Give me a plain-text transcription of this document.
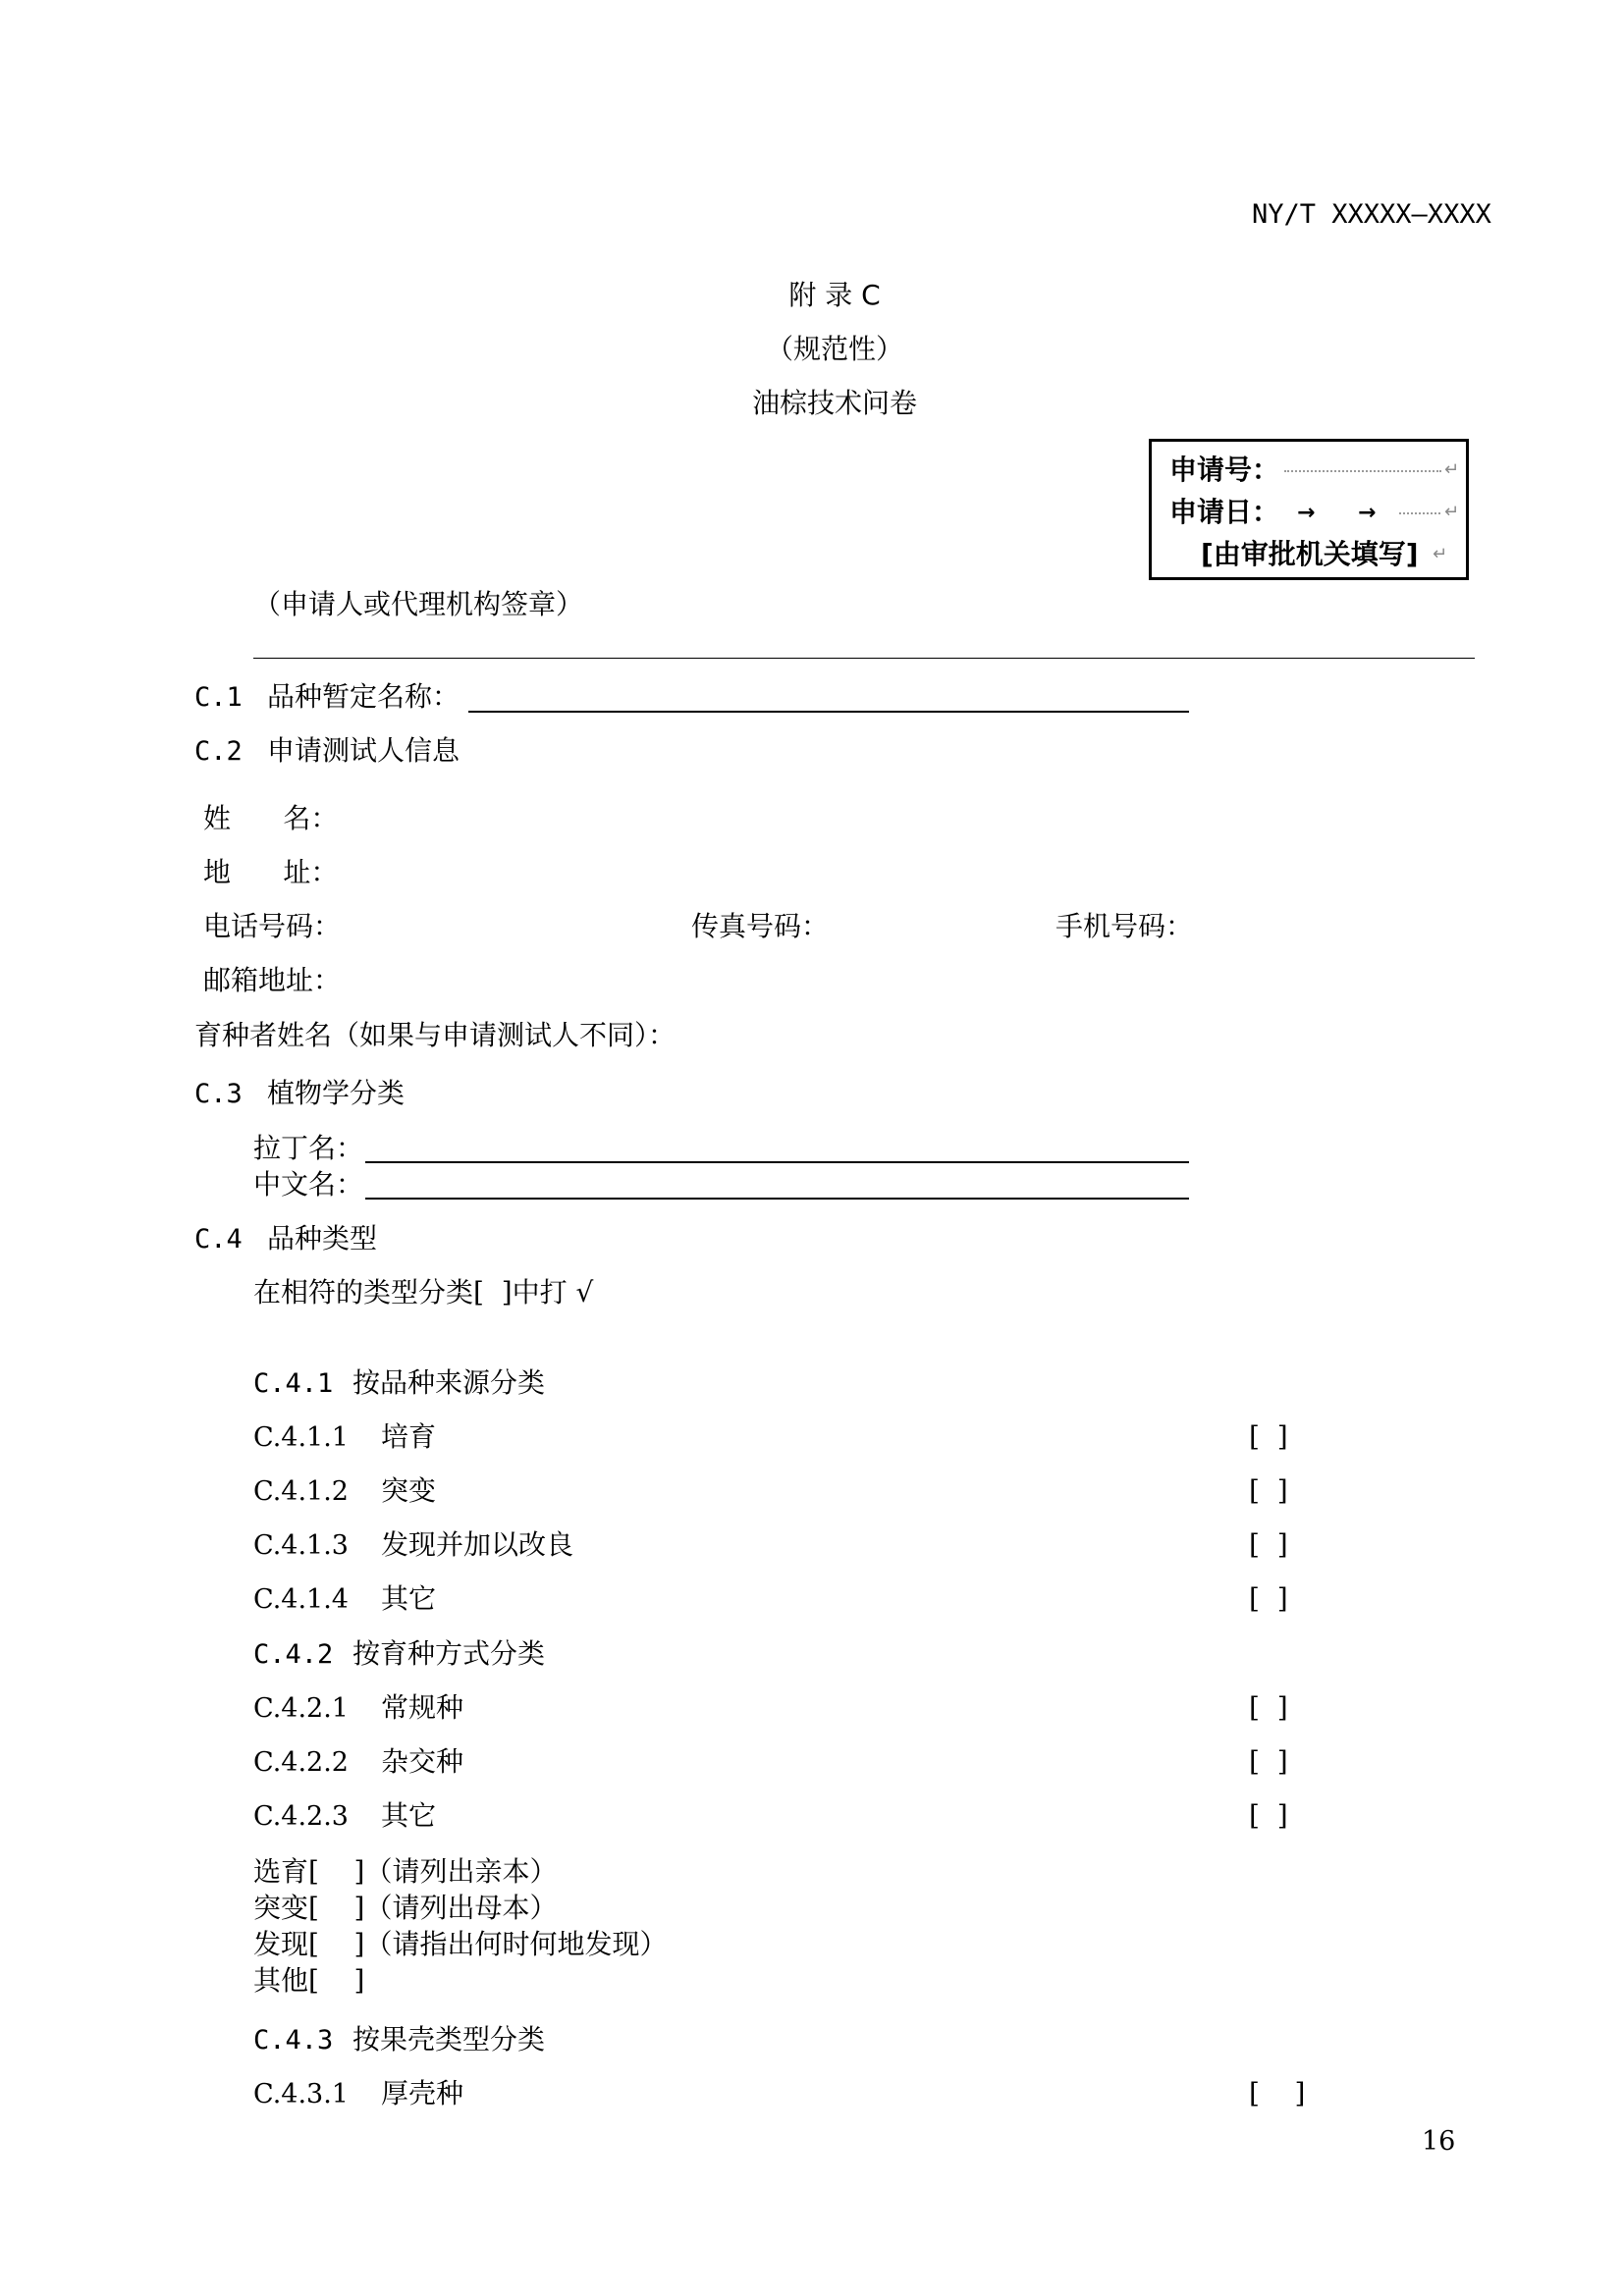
NY/T XXXXX—XXXX
附 录 C
（规范性）
油棕技术问卷
申请号：	↵
申请日： → →	↵
[由审批机关填写] ↵
（申请人或代理机构签章）
C.1 品种暂定名称：
C.2 申请测试人信息
姓      名：
地      址：
电话号码：	传真号码：	手机号码：
邮箱地址：
育种者姓名（如果与申请测试人不同）：
C.3 植物学分类
拉丁名：
中文名：
C.4 品种类型
在相符的类型分类[  ]中打 √
C.4.1 按品种来源分类
C.4.1.1 培育	[  ]
C.4.1.2 突变	[  ]
C.4.1.3 发现并加以改良	[  ]
C.4.1.4 其它	[  ]
C.4.2 按育种方式分类
C.4.2.1 常规种	[  ]
C.4.2.2 杂交种	[  ]
C.4.2.3 其它	[  ]
选育[    ]（请列出亲本）
突变[    ]（请列出母本）
发现[    ]（请指出何时何地发现）
其他[    ]
C.4.3 按果壳类型分类
C.4.3.1 厚壳种	[    ]
16
